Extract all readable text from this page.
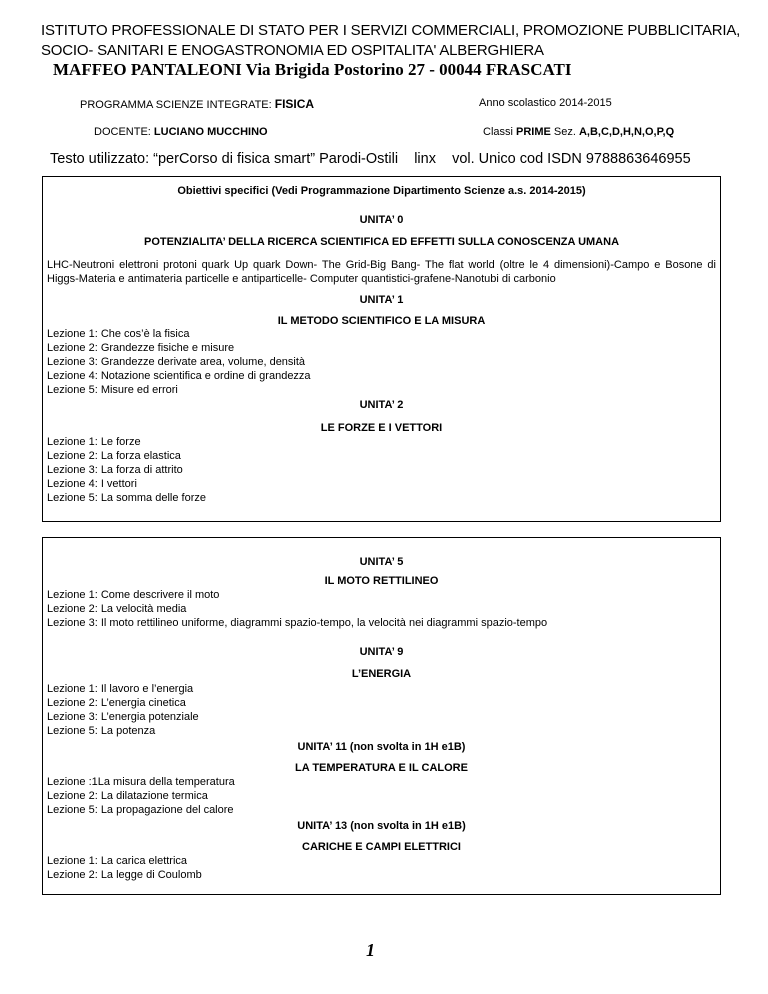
ISTITUTO PROFESSIONALE DI STATO PER I SERVIZI COMMERCIALI, PROMOZIONE PUBBLICITARIA,
SOCIO- SANITARI E ENOGASTRONOMIA ED OSPITALITA' ALBERGHIERA
MAFFEO PANTALEONI Via Brigida Postorino 27 - 00044 FRASCATI
PROGRAMMA SCIENZE INTEGRATE: FISICA	Anno scolastico 2014-2015
DOCENTE: LUCIANO MUCCHINO	Classi PRIME Sez. A,B,C,D,H,N,O,P,Q
Testo utilizzato: “perCorso di fisica smart” Parodi-Ostili    linx    vol. Unico cod ISDN 9788863646955
Obiettivi specifici (Vedi Programmazione Dipartimento Scienze a.s. 2014-2015)
UNITA’ 0
POTENZIALITA’ DELLA RICERCA SCIENTIFICA ED EFFETTI SULLA CONOSCENZA UMANA
LHC-Neutroni elettroni protoni quark Up quark Down- The Grid-Big Bang- The flat world (oltre le 4 dimensioni)-Campo e Bosone di Higgs-Materia e antimateria particelle e antiparticelle- Computer quantistici-grafene-Nanotubi di carbonio
UNITA’ 1
IL METODO SCIENTIFICO E LA MISURA
Lezione 1: Che cos’è la fisica
Lezione 2: Grandezze fisiche e misure
Lezione 3: Grandezze derivate area, volume, densità
Lezione 4: Notazione scientifica e ordine di grandezza
Lezione 5: Misure ed errori
UNITA’ 2
LE FORZE E I VETTORI
Lezione 1: Le forze
Lezione 2: La forza elastica
Lezione 3: La forza di attrito
Lezione 4: I vettori
Lezione 5: La somma delle forze
UNITA’ 5
IL MOTO RETTILINEO
Lezione 1: Come descrivere il moto
Lezione 2: La velocità media
Lezione 3: Il moto rettilineo uniforme, diagrammi spazio-tempo, la velocità nei diagrammi spazio-tempo
UNITA’ 9
L’ENERGIA
Lezione 1: Il lavoro e l’energia
Lezione 2: L’energia cinetica
Lezione 3: L’energia potenziale
Lezione 5: La potenza
UNITA’ 11 (non svolta in 1H e1B)
LA TEMPERATURA E IL CALORE
Lezione :1La misura della temperatura
Lezione 2: La dilatazione termica
Lezione 5: La propagazione del calore
UNITA’ 13 (non svolta in 1H e1B)
CARICHE E CAMPI ELETTRICI
Lezione 1: La carica elettrica
Lezione 2: La legge di Coulomb
1
